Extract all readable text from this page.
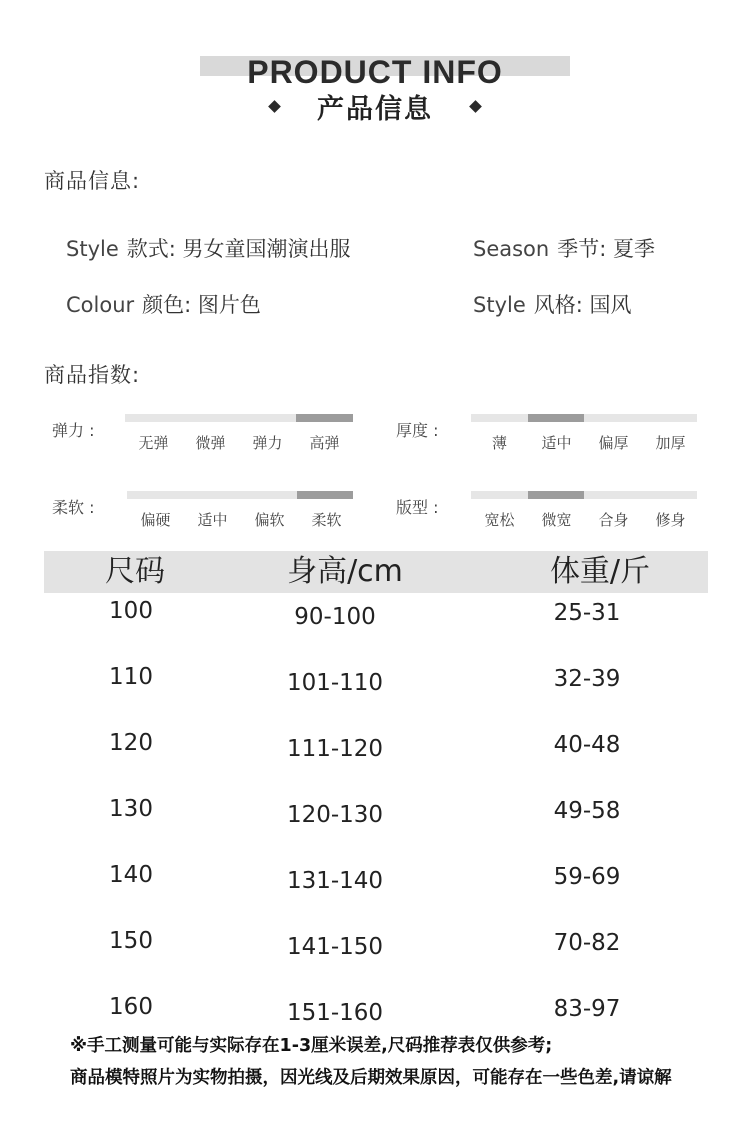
PRODUCT INFO
产品信息
商品信息:
Style 款式: 男女童国潮演出服	Season 季节: 夏季
Colour 颜色: 图片色	Style 风格: 国风
商品指数:
弹力 :
无弹	微弹	弹力	高弹
厚度 :
薄	适中	偏厚	加厚
柔软 :
偏硬	适中	偏软	柔软
版型 :
宽松	微宽	合身	修身
尺码	身高/cm	体重/斤
100	90-100	25-31
110	101-110	32-39
120	111-120	40-48
130	120-130	49-58
140	131-140	59-69
150	141-150	70-82
160	151-160	83-97
※手工测量可能与实际存在1-3厘米误差,尺码推荐表仅供参考;
商品模特照片为实物拍摄，因光线及后期效果原因，可能存在一些色差,请谅解
